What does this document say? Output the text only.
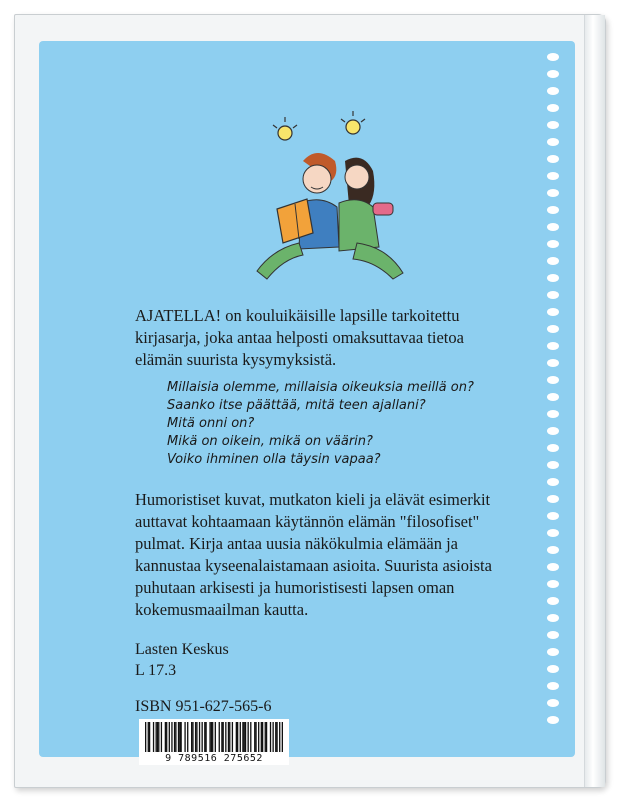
AJATELLA! on kouluikäisille lapsille tarkoitettu kirjasarja, joka antaa helposti omaksuttavaa tietoa elämän suurista kysymyksistä.

Millaisia olemme, millaisia oikeuksia meillä on?
Saanko itse päättää, mitä teen ajallani?
Mitä onni on?
Mikä on oikein, mikä on väärin?
Voiko ihminen olla täysin vapaa?

Humoristiset kuvat, mutkaton kieli ja elävät esimerkit auttavat kohtaamaan käytännön elämän "filosofiset" pulmat. Kirja antaa uusia näkökulmia elämään ja kannustaa kyseenalaistamaan asioita. Suurista asioista puhutaan arkisesti ja humoristisesti lapsen oman kokemusmaailman kautta.

Lasten Keskus
L 17.3
ISBN 951-627-565-6
9 789516 275652
